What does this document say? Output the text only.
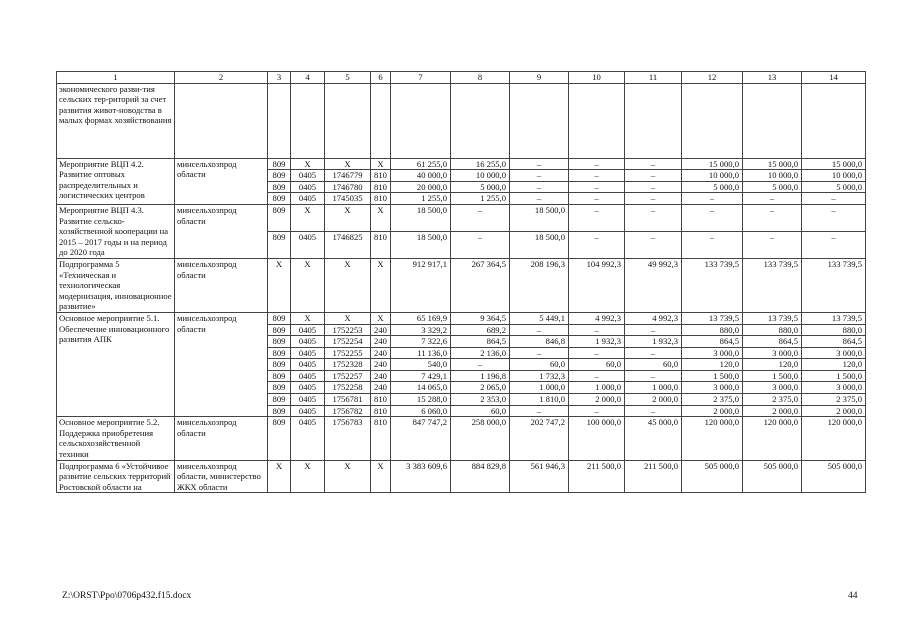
1	2	3	4	5	6	7	8	9	10	11	12	13	14
экономического разви-тия сельских тер-риторий за счет развития живот-новодства в малых формах хозяйствования													
Мероприятие ВЦП 4.2. Развитие оптовых распределительных и логистических центров	минсельхозпрод области	809	X	X	X	61 255,0	16 255,0	–	–	–	15 000,0	15 000,0	15 000,0
		809	0405	1746779	810	40 000,0	10 000,0	–	–	–	10 000,0	10 000,0	10 000,0
		809	0405	1746780	810	20 000,0	5 000,0	–	–	–	5 000,0	5 000,0	5 000,0
		809	0405	1745035	810	1 255,0	1 255,0	–	–	–	–	–	–
Мероприятие ВЦП 4.3. Развитие сельско-хозяйственной кооперации на 2015 – 2017 годы и на период до 2020 года	минсельхозпрод области	809	X	X	X	18 500,0	–	18 500,0	–	–	–	–	–
		809	0405	1746825	810	18 500,0	–	18 500,0	–	–	–	–	–
Подпрограмма 5 «Техническая и технологическая модернизация, инновационное развитие»	минсельхозпрод области	X	X	X	X	912 917,1	267 364,5	208 196,3	104 992,3	49 992,3	133 739,5	133 739,5	133 739,5
Основное мероприятие 5.1. Обеспечение инновационного развития АПК	минсельхозпрод области	809	X	X	X	65 169,9	9 364,5	5 449,1	4 992,3	4 992,3	13 739,5	13 739,5	13 739,5
		809	0405	1752253	240	3 329,2	689,2	–	–	–	880,0	880,0	880,0
		809	0405	1752254	240	7 322,6	864,5	846,8	1 932,3	1 932,3	864,5	864,5	864,5
		809	0405	1752255	240	11 136,0	2 136,0	–	–	–	3 000,0	3 000,0	3 000,0
		809	0405	1752328	240	540,0	–	60,0	60,0	60,0	120,0	120,0	120,0
		809	0405	1752257	240	7 429,1	1 196,8	1 732,3	–	–	1 500,0	1 500,0	1 500,0
		809	0405	1752258	240	14 065,0	2 065,0	1 000,0	1 000,0	1 000,0	3 000,0	3 000,0	3 000,0
		809	0405	1756781	810	15 288,0	2 353,0	1 810,0	2 000,0	2 000,0	2 375,0	2 375,0	2 375,0
		809	0405	1756782	810	6 060,0	60,0	–	–	–	2 000,0	2 000,0	2 000,0
Основное мероприятие 5.2. Поддержка приобретения сельскохозяйственной техники	минсельхозпрод области	809	0405	1756783	810	847 747,2	258 000,0	202 747,2	100 000,0	45 000,0	120 000,0	120 000,0	120 000,0
Подпрограмма 6 «Устойчивое развитие сельских территорий Ростовской области на	минсельхозпрод области, министерство ЖКХ области	X	X	X	X	3 383 609,6	884 829,8	561 946,3	211 500,0	211 500,0	505 000,0	505 000,0	505 000,0
Z:\ORST\Ppo\0706p432.f15.docx	44
